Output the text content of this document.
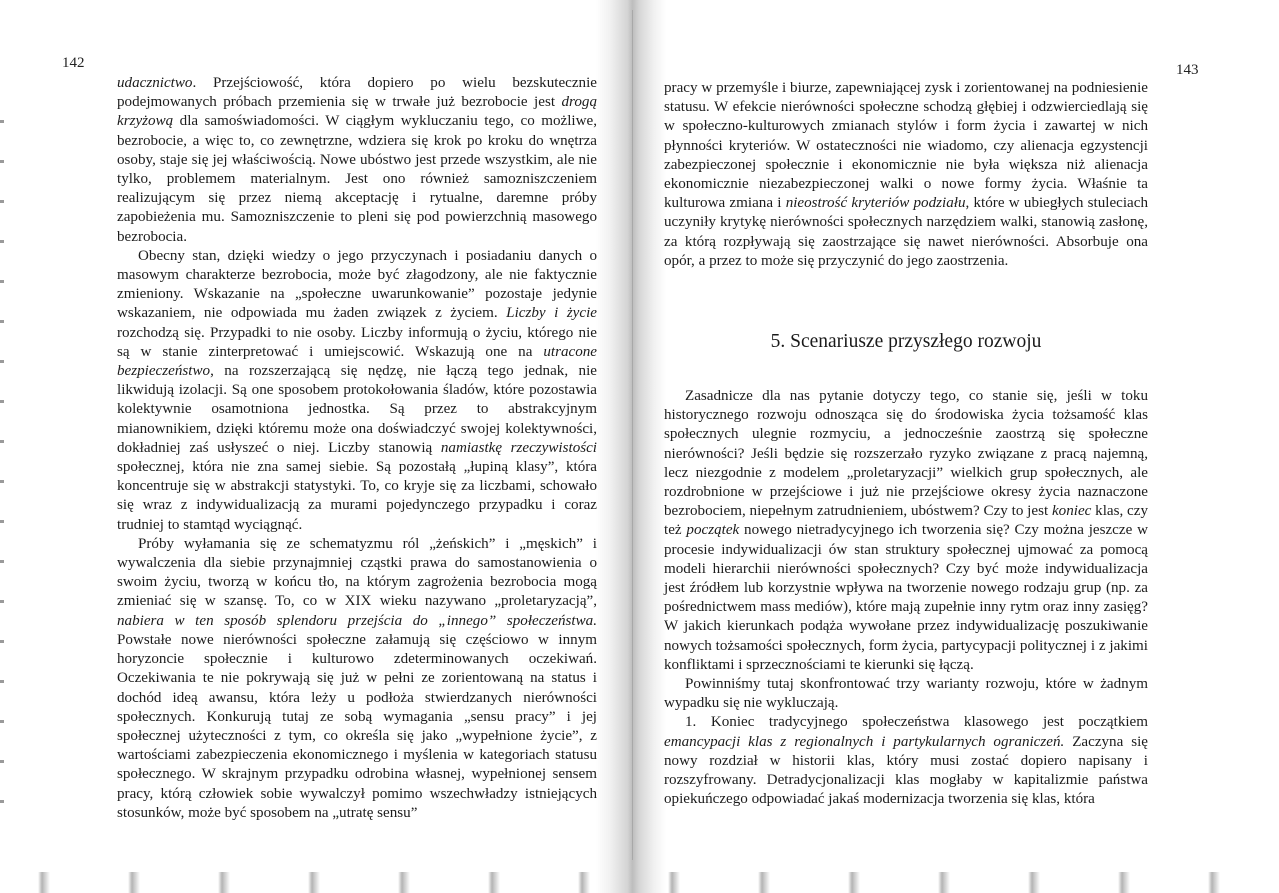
142	143

udacznictwo. Przejściowość, która dopiero po wielu bezskutecznie podejmowanych próbach przemienia się w trwałe już bezrobocie jest drogą krzyżową dla samoświadomości. W ciągłym wykluczaniu tego, co możliwe, bezrobocie, a więc to, co zewnętrzne, wdziera się krok po kroku do wnętrza osoby, staje się jej właściwością. Nowe ubóstwo jest przede wszystkim, ale nie tylko, problemem materialnym. Jest ono również samozniszczeniem realizującym się przez niemą akceptację i rytualne, daremne próby zapobieżenia mu. Samozniszczenie to pleni się pod powierzchnią masowego bezrobocia.

Obecny stan, dzięki wiedzy o jego przyczynach i posiadaniu danych o masowym charakterze bezrobocia, może być złagodzony, ale nie faktycznie zmieniony. Wskazanie na „społeczne uwarunkowanie” pozostaje jedynie wskazaniem, nie odpowiada mu żaden związek z życiem. Liczby i życie rozchodzą się. Przypadki to nie osoby. Liczby informują o życiu, którego nie są w stanie zinterpretować i umiejscowić. Wskazują one na utracone bezpieczeństwo, na rozszerzającą się nędzę, nie łączą tego jednak, nie likwidują izolacji. Są one sposobem protokołowania śladów, które pozostawia kolektywnie osamotniona jednostka. Są przez to abstrakcyjnym mianownikiem, dzięki któremu może ona doświadczyć swojej kolektywności, dokładniej zaś usłyszeć o niej. Liczby stanowią namiastkę rzeczywistości społecznej, która nie zna samej siebie. Są pozostałą „łupiną klasy”, która koncentruje się w abstrakcji statystyki. To, co kryje się za liczbami, schowało się wraz z indywidualizacją za murami pojedynczego przypadku i coraz trudniej to stamtąd wyciągnąć.

Próby wyłamania się ze schematyzmu ról „żeńskich” i „męskich” i wywalczenia dla siebie przynajmniej cząstki prawa do samostanowienia o swoim życiu, tworzą w końcu tło, na którym zagrożenia bezrobocia mogą zmieniać się w szansę. To, co w XIX wieku nazywano „proletaryzacją”, nabiera w ten sposób splendoru przejścia do „innego” społeczeństwa. Powstałe nowe nierówności społeczne załamują się częściowo w innym horyzoncie społecznie i kulturowo zdeterminowanych oczekiwań. Oczekiwania te nie pokrywają się już w pełni ze zorientowaną na status i dochód ideą awansu, która leży u podłoża stwierdzanych nierówności społecznych. Konkurują tutaj ze sobą wymagania „sensu pracy” i jej społecznej użyteczności z tym, co określa się jako „wypełnione życie”, z wartościami zabezpieczenia ekonomicznego i myślenia w kategoriach statusu społecznego. W skrajnym przypadku odrobina własnej, wypełnionej sensem pracy, którą człowiek sobie wywalczył pomimo wszechwładzy istniejących stosunków, może być sposobem na „utratę sensu”

pracy w przemyśle i biurze, zapewniającej zysk i zorientowanej na podniesienie statusu. W efekcie nierówności społeczne schodzą głębiej i odzwierciedlają się w społeczno-kulturowych zmianach stylów i form życia i zawartej w nich płynności kryteriów. W ostateczności nie wiadomo, czy alienacja egzystencji zabezpieczonej społecznie i ekonomicznie nie była większa niż alienacja ekonomicznie niezabezpieczonej walki o nowe formy życia. Właśnie ta kulturowa zmiana i nieostrość kryteriów podziału, które w ubiegłych stuleciach uczyniły krytykę nierówności społecznych narzędziem walki, stanowią zasłonę, za którą rozpływają się zaostrzające się nawet nierówności. Absorbuje ona opór, a przez to może się przyczynić do jego zaostrzenia.

5. Scenariusze przyszłego rozwoju

Zasadnicze dla nas pytanie dotyczy tego, co stanie się, jeśli w toku historycznego rozwoju odnosząca się do środowiska życia tożsamość klas społecznych ulegnie rozmyciu, a jednocześnie zaostrzą się społeczne nierówności? Jeśli będzie się rozszerzało ryzyko związane z pracą najemną, lecz niezgodnie z modelem „proletaryzacji” wielkich grup społecznych, ale rozdrobnione w przejściowe i już nie przejściowe okresy życia naznaczone bezrobociem, niepełnym zatrudnieniem, ubóstwem? Czy to jest koniec klas, czy też początek nowego nietradycyjnego ich tworzenia się? Czy można jeszcze w procesie indywidualizacji ów stan struktury społecznej ujmować za pomocą modeli hierarchii nierówności społecznych? Czy być może indywidualizacja jest źródłem lub korzystnie wpływa na tworzenie nowego rodzaju grup (np. za pośrednictwem mass mediów), które mają zupełnie inny rytm oraz inny zasięg? W jakich kierunkach podąża wywołane przez indywidualizację poszukiwanie nowych tożsamości społecznych, form życia, partycypacji politycznej i z jakimi konfliktami i sprzecznościami te kierunki się łączą.

Powinniśmy tutaj skonfrontować trzy warianty rozwoju, które w żadnym wypadku się nie wykluczają.

1. Koniec tradycyjnego społeczeństwa klasowego jest początkiem emancypacji klas z regionalnych i partykularnych ograniczeń. Zaczyna się nowy rozdział w historii klas, który musi zostać dopiero napisany i rozszyfrowany. Detradycjonalizacji klas mogłaby w kapitalizmie państwa opiekuńczego odpowiadać jakaś modernizacja tworzenia się klas, która
